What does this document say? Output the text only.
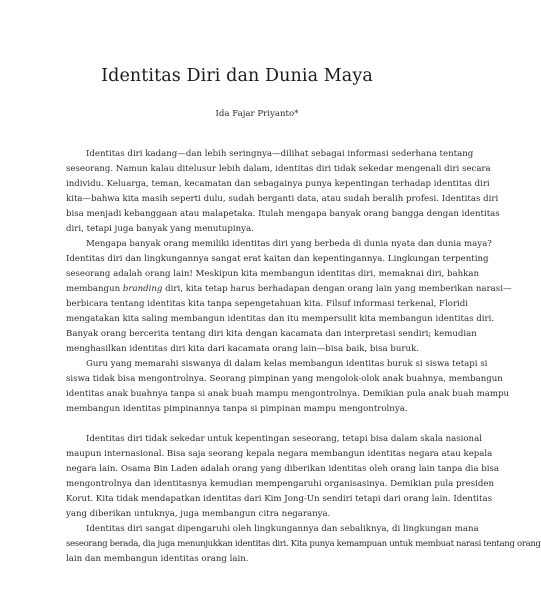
Identitas Diri dan Dunia Maya
Ida Fajar Priyanto*
Identitas diri kadang—dan lebih seringnya—dilihat sebagai informasi sederhana tentang
seseorang. Namun kalau ditelusur lebih dalam, identitas diri tidak sekedar mengenali diri secara
individu. Keluarga, teman, kecamatan dan sebagainya punya kepentingan terhadap identitas diri
kita—bahwa kita masih seperti dulu, sudah berganti data, atau sudah beralih profesi. Identitas diri
bisa menjadi kebanggaan atau malapetaka. Itulah mengapa banyak orang bangga dengan identitas
diri, tetapi juga banyak yang menutupinya.
Mengapa banyak orang memiliki identitas diri yang berbeda di dunia nyata dan dunia maya?
Identitas diri dan lingkungannya sangat erat kaitan dan kepentingannya. Lingkungan terpenting
seseorang adalah orang lain! Meskipun kita membangun identitas diri, memaknai diri, bahkan
membangun branding diri, kita tetap harus berhadapan dengan orang lain yang memberikan narasi—
berbicara tentang identitas kita tanpa sepengetahuan kita. Filsuf informasi terkenal, Floridi
mengatakan kita saling membangun identitas dan itu mempersulit kita membangun identitas diri.
Banyak orang bercerita tentang diri kita dengan kacamata dan interpretasi sendiri; kemudian
menghasilkan identitas diri kita dari kacamata orang lain—bisa baik, bisa buruk.
Guru yang memarahi siswanya di dalam kelas membangun identitas buruk si siswa tetapi si
siswa tidak bisa mengontrolnya. Seorang pimpinan yang mengolok-olok anak buahnya, membangun
identitas anak buahnya tanpa si anak buah mampu mengontrolnya. Demikian pula anak buah mampu
membangun identitas pimpinannya tanpa si pimpinan mampu mengontrolnya.
Identitas diri tidak sekedar untuk kepentingan seseorang, tetapi bisa dalam skala nasional
maupun internasional. Bisa saja seorang kepala negara membangun identitas negara atau kepala
negara lain. Osama Bin Laden adalah orang yang diberikan identitas oleh orang lain tanpa dia bisa
mengontrolnya dan identitasnya kemudian mempengaruhi organisasinya. Demikian pula presiden
Korut. Kita tidak mendapatkan identitas dari Kim Jong-Un sendiri tetapi dari orang lain. Identitas
yang diberikan untuknya, juga membangun citra negaranya.
Identitas diri sangat dipengaruhi oleh lingkungannya dan sebaliknya, di lingkungan mana
seseorang berada, dia juga menunjukkan identitas diri. Kita punya kemampuan untuk membuat narasi tentang orang
lain dan membangun identitas orang lain.
